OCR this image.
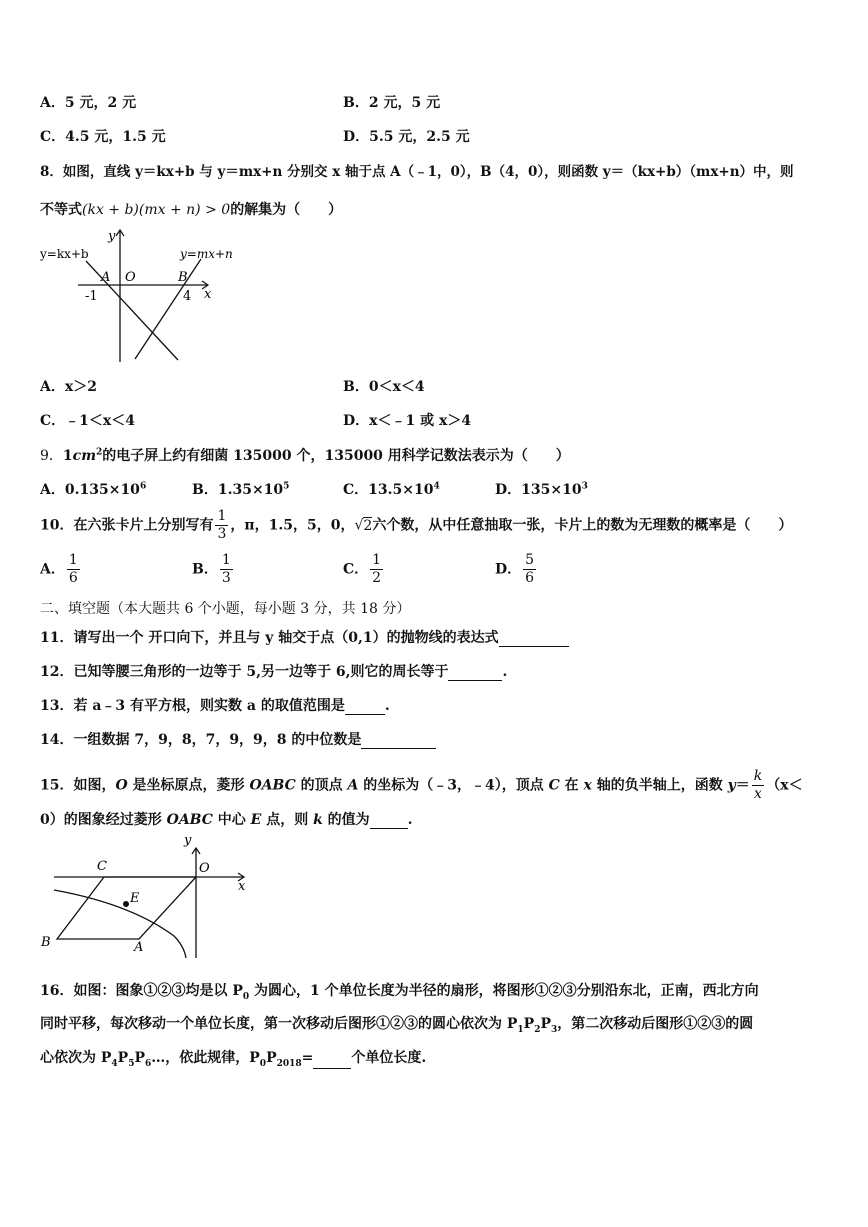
A．5 元，2 元	B．2 元，5 元
C．4.5 元，1.5 元	D．5.5 元，2.5 元
8．如图，直线 y＝kx+b 与 y＝mx+n 分别交 x 轴于点 A（﹣1，0），B（4，0），则函数 y＝（kx+b）（mx+n）中，则
不等式(kx + b)(mx + n) > 0的解集为（　　）
y=kx+b	y=mx+n
y
x
A O	B
-1	4
A．x＞2	B．0＜x＜4
C．﹣1＜x＜4	D．x＜﹣1 或 x＞4
9．$1cm^2$的电子屏上约有细菌 135000 个，135000 用科学记数法表示为（　　）
A．$0.135\times 10^6$	B．$1.35\times 10^5$	C．$13.5\times 10^4$	D．$135\times 10^3$
10．在六张卡片上分别写有 $\frac{1}{3}$ ，π，1.5，5，0，√2六个数，从中任意抽取一张，卡片上的数为无理数的概率是（　　）
A． $\frac{1}{6}$	B． $\frac{1}{3}$	C． $\frac{1}{2}$	D． $\frac{5}{6}$
二、填空题（本大题共 6 个小题，每小题 3 分，共 18 分）
11．请写出一个 开口向下，并且与 y 轴交于点（0,1）的抛物线的表达式
12．已知等腰三角形的一边等于 5,另一边等于 6,则它的周长等于	.
13．若 a﹣3 有平方根，则实数 a 的取值范围是	.
14．一组数据 7，9，8，7，9，9，8 的中位数是
15．如图，O 是坐标原点，菱形 OABC 的顶点 A 的坐标为（﹣3，﹣4），顶点 C 在 x 轴的负半轴上，函数 $y= \frac{k}{x} (x<$
0）的图象经过菱形 OABC 中心 E 点，则 k 的值为	.
y
O
x
C
E
B	A
16．如图：图象①②③均是以 $P_0$ 为圆心，1 个单位长度为半径的扇形，将图形①②③分别沿东北，正南，西北方向
同时平移，每次移动一个单位长度，第一次移动后图形①②③的圆心依次为 $P_1P_2P_3$，第二次移动后图形①②③的圆
心依次为 $P_4P_5P_6\dots$，依此规律，$P_0P_{2018}=$	个单位长度.
